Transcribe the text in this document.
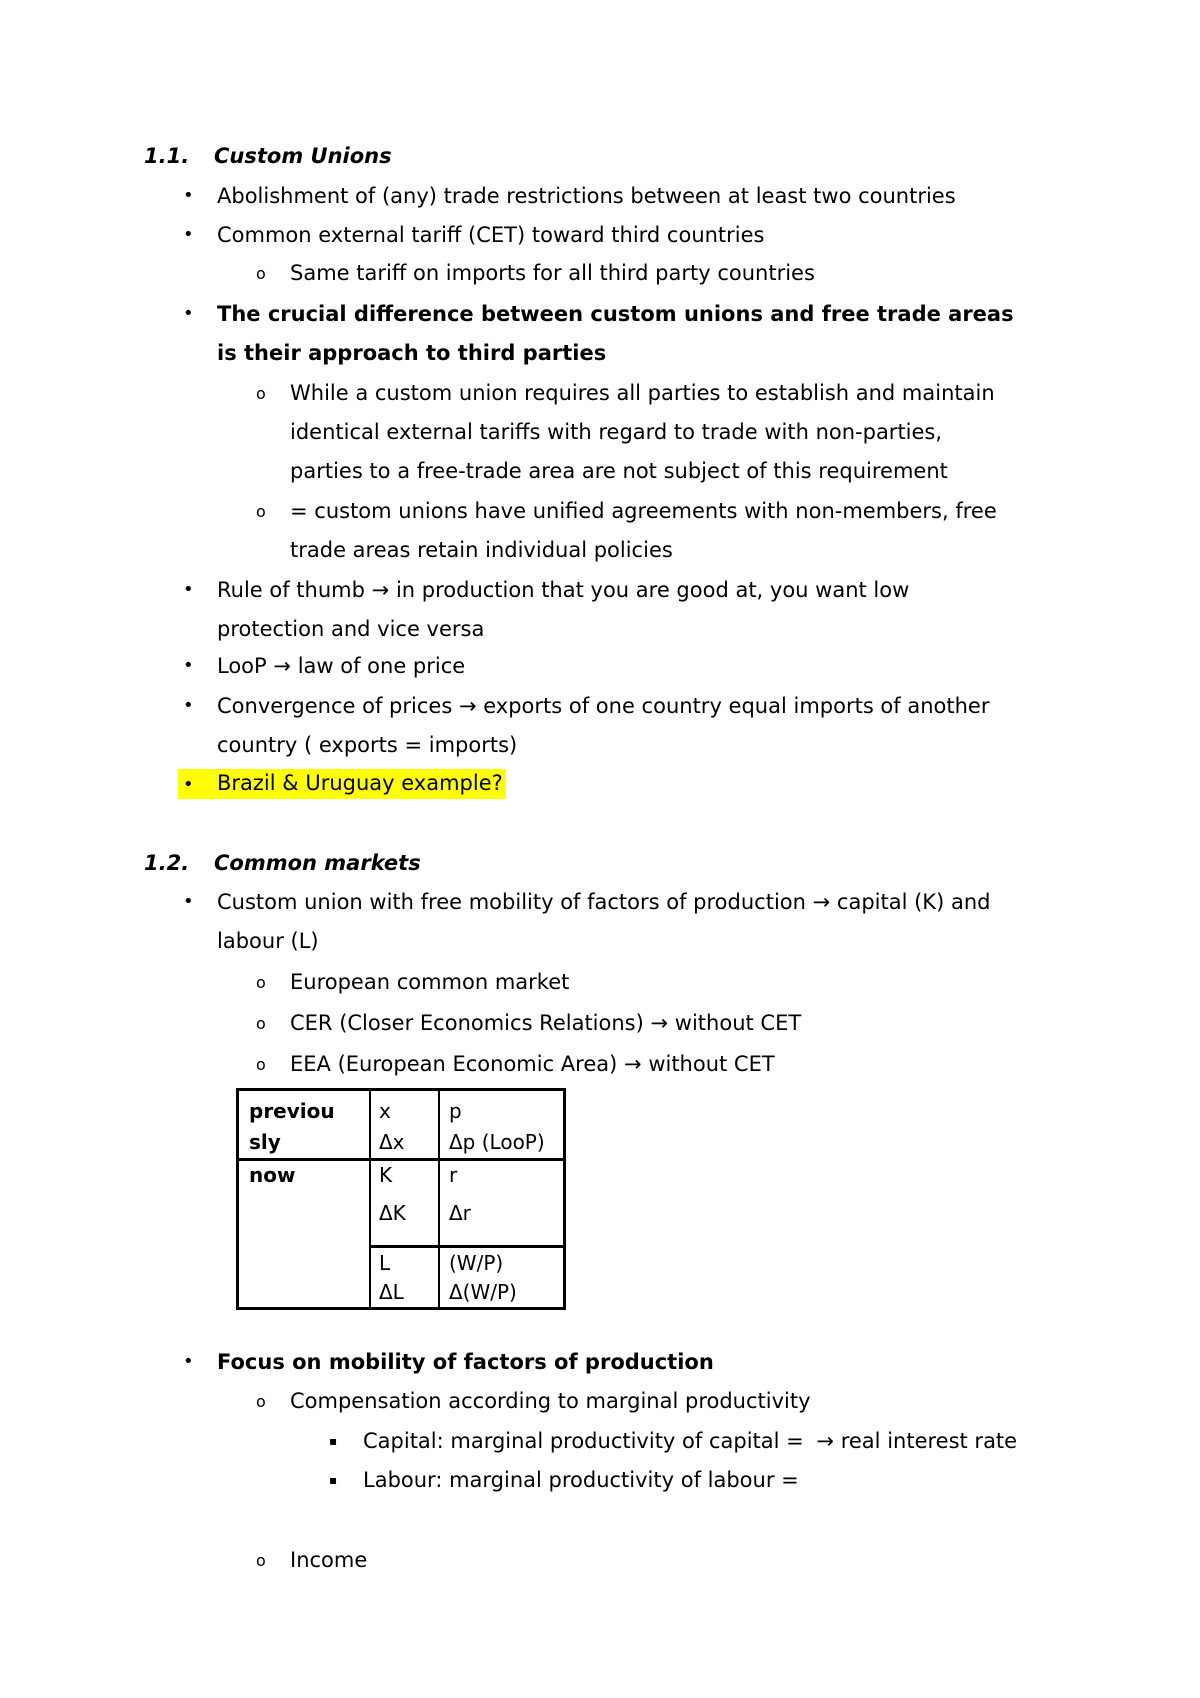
1.1. Custom Unions
• Abolishment of (any) trade restrictions between at least two countries
• Common external tariff (CET) toward third countries
o Same tariff on imports for all third party countries
• The crucial difference between custom unions and free trade areas
is their approach to third parties
o While a custom union requires all parties to establish and maintain
identical external tariffs with regard to trade with non-parties,
parties to a free-trade area are not subject of this requirement
o = custom unions have unified agreements with non-members, free
trade areas retain individual policies
• Rule of thumb → in production that you are good at, you want low
protection and vice versa
• LooP → law of one price
• Convergence of prices → exports of one country equal imports of another
country ( exports = imports)
• Brazil & Uruguay example?
1.2. Common markets
• Custom union with free mobility of factors of production → capital (K) and
labour (L)
o European common market
o CER (Closer Economics Relations) → without CET
o EEA (European Economic Area) → without CET
previou
sly
x
Δx
p
Δp (LooP)
now	K
ΔK
r
Δr
L
ΔL
(W/P)
Δ(W/P)
• Focus on mobility of factors of production
o Compensation according to marginal productivity
▪ Capital: marginal productivity of capital = → real interest rate
▪ Labour: marginal productivity of labour =
o Income
